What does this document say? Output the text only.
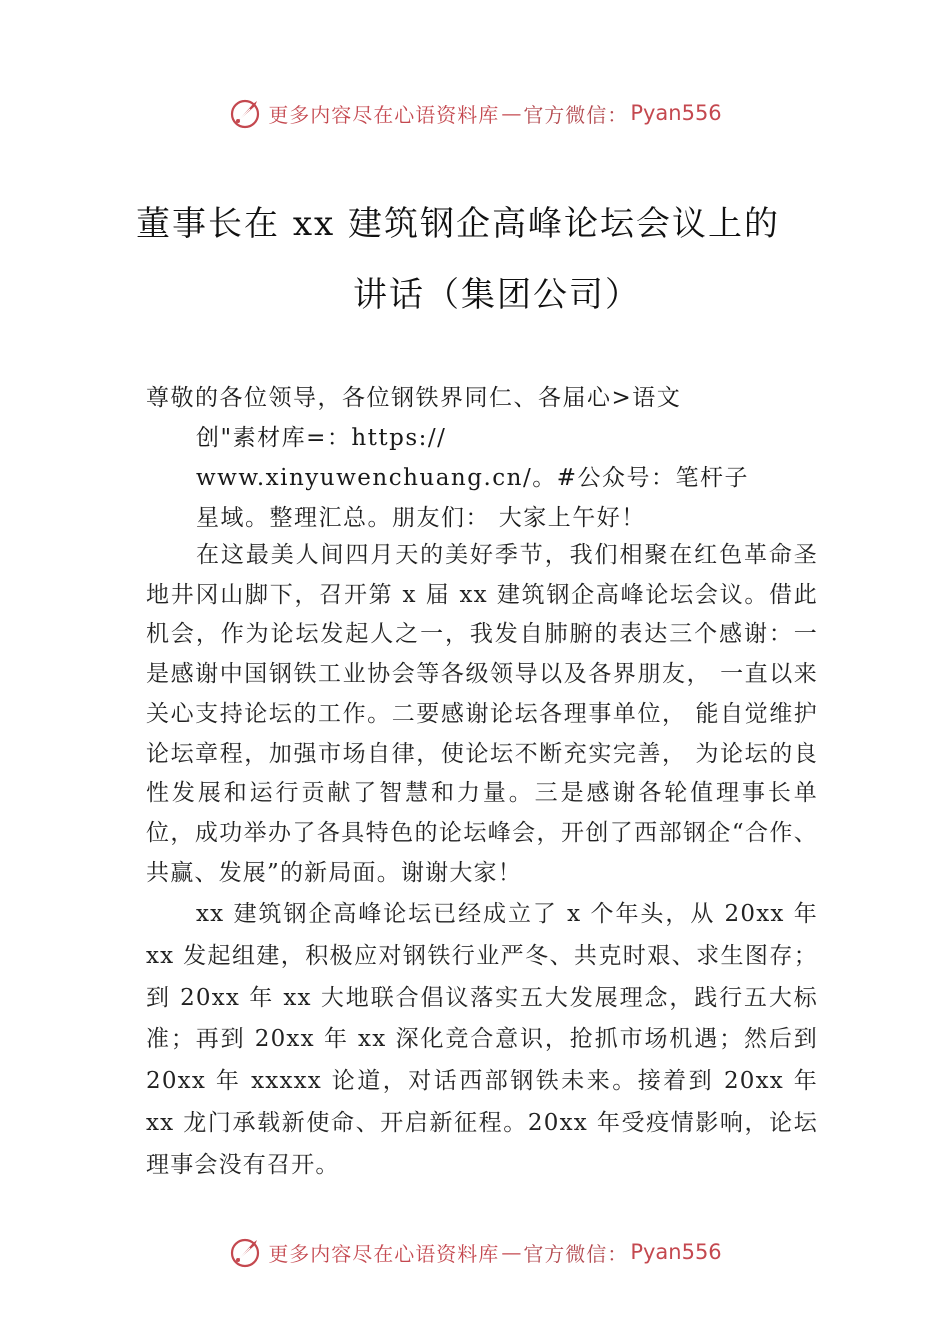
更多内容尽在心语资料库 — 官方微信： Pyan556
董事长在 xx 建筑钢企高峰论坛会议上的
讲话（集团公司）
尊敬的各位领导，各位钢铁界同仁、各届心>语文
创"素材库=：https://
www.xinyuwenchuang.cn/。#公众号：笔杆子
星域。整理汇总。朋友们： 大家上午好！
在这最美人间四月天的美好季节，我们相聚在红色革命圣地井冈山脚下，召开第 x 届 xx 建筑钢企高峰论坛会议。借此机会，作为论坛发起人之一，我发自肺腑的表达三个感谢：一是感谢中国钢铁工业协会等各级领导以及各界朋友， 一直以来关心支持论坛的工作。二要感谢论坛各理事单位， 能自觉维护论坛章程，加强市场自律，使论坛不断充实完善， 为论坛的良性发展和运行贡献了智慧和力量。三是感谢各轮值理事长单位，成功举办了各具特色的论坛峰会，开创了西部钢企“合作、共赢、发展”的新局面。谢谢大家！
xx 建筑钢企高峰论坛已经成立了 x 个年头，从 20xx 年 xx 发起组建，积极应对钢铁行业严冬、共克时艰、求生图存；到 20xx 年 xx 大地联合倡议落实五大发展理念，践行五大标准；再到 20xx 年 xx 深化竞合意识，抢抓市场机遇；然后到 20xx 年 xxxxx 论道，对话西部钢铁未来。接着到 20xx 年 xx 龙门承载新使命、开启新征程。20xx 年受疫情影响，论坛理事会没有召开。
更多内容尽在心语资料库 — 官方微信： Pyan556
